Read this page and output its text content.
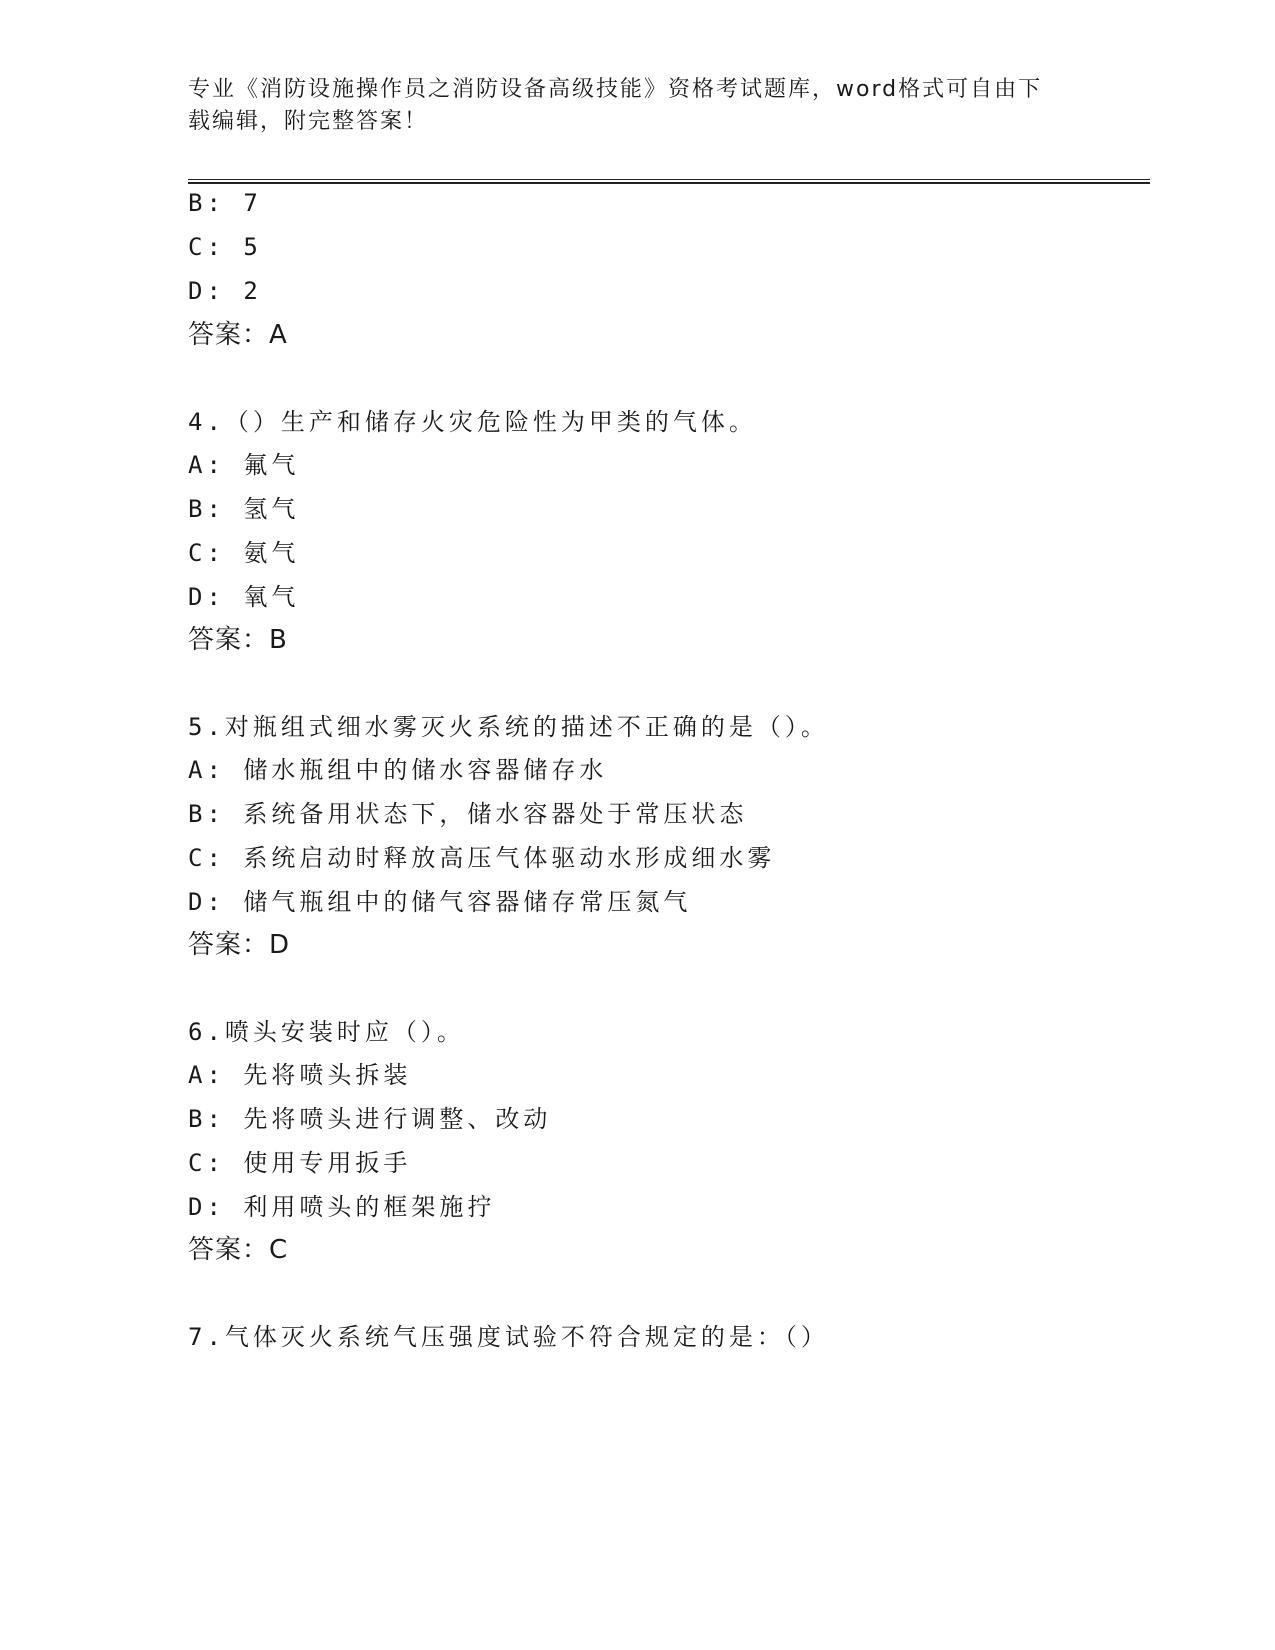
专业《消防设施操作员之消防设备高级技能》资格考试题库，word格式可自由下
载编辑，附完整答案！
B: 7
C: 5
D: 2
答案：A
4.（）生产和储存火灾危险性为甲类的气体。
A: 氟气
B: 氢气
C: 氨气
D: 氧气
答案：B
5.对瓶组式细水雾灭火系统的描述不正确的是（）。
A: 储水瓶组中的储水容器储存水
B: 系统备用状态下，储水容器处于常压状态
C: 系统启动时释放高压气体驱动水形成细水雾
D: 储气瓶组中的储气容器储存常压氮气
答案：D
6.喷头安装时应（）。
A: 先将喷头拆装
B: 先将喷头进行调整、改动
C: 使用专用扳手
D: 利用喷头的框架施拧
答案：C
7.气体灭火系统气压强度试验不符合规定的是：（）
